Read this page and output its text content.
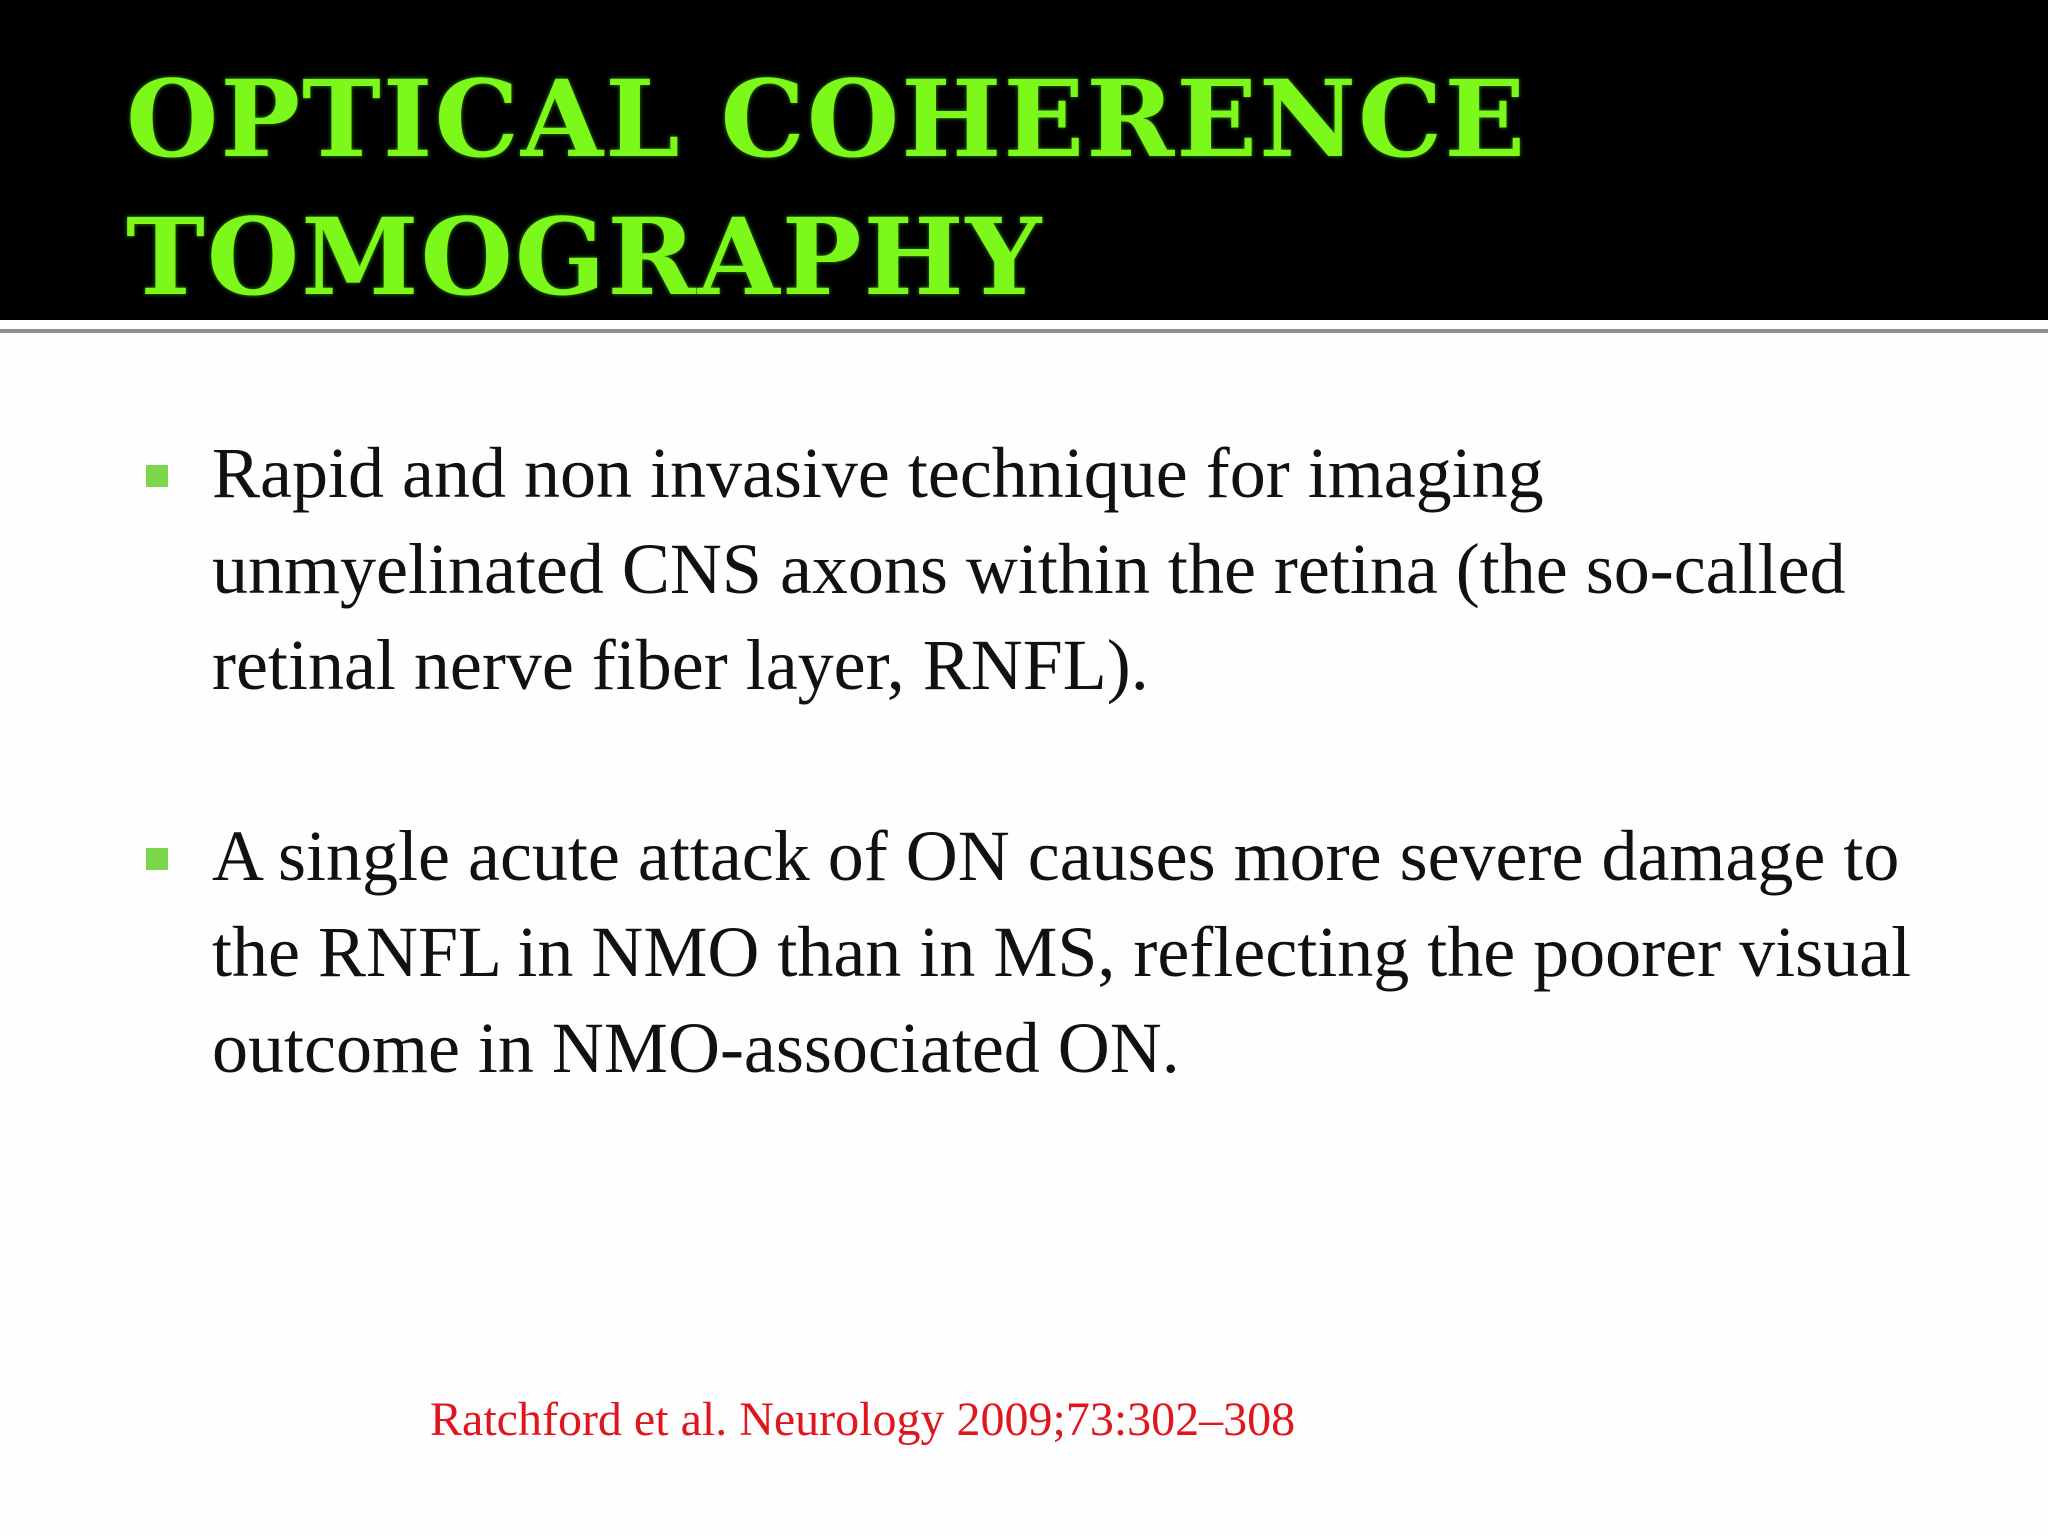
OPTICAL COHERENCE
TOMOGRAPHY
Rapid and non invasive technique for imaging unmyelinated CNS axons within the retina (the so-called retinal nerve fiber layer, RNFL).
A single acute attack of ON causes more severe damage to the RNFL in NMO than in MS, reflecting the poorer visual outcome in NMO-associated ON.

Ratchford et al. Neurology 2009;73:302–308
